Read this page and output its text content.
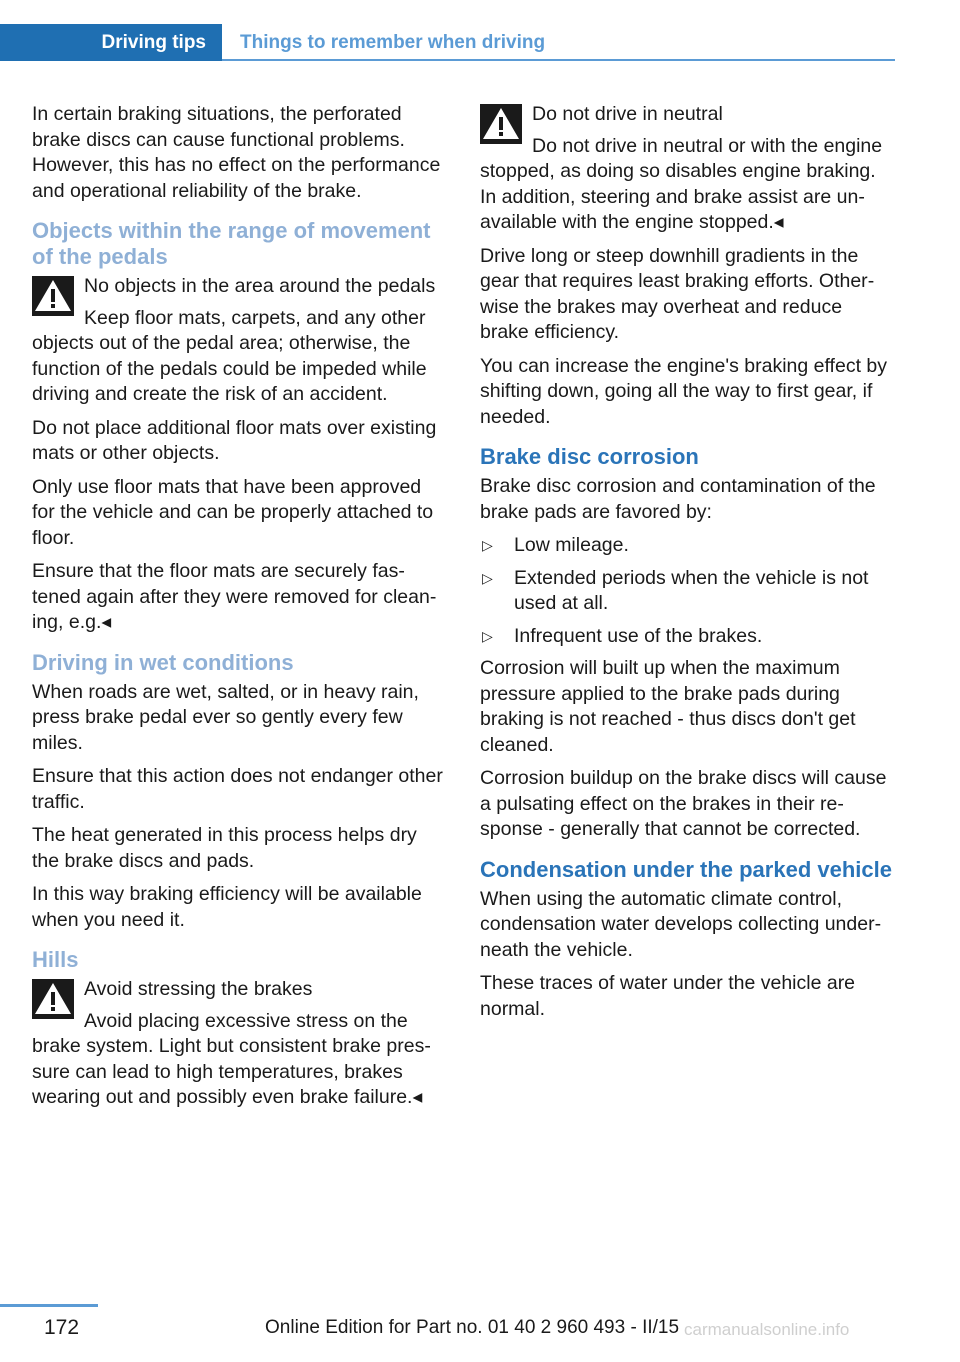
Driving tips	Things to remember when driving

In certain braking situations, the perforated brake discs can cause functional problems. However, this has no effect on the performance and operational reliability of the brake.

Objects within the range of movement of the pedals
No objects in the area around the pedals

Keep floor mats, carpets, and any other objects out of the pedal area; otherwise, the function of the pedals could be impeded while driving and create the risk of an accident.

Do not place additional floor mats over existing mats or other objects.

Only use floor mats that have been approved for the vehicle and can be properly attached to floor.

Ensure that the floor mats are securely fastened again after they were removed for cleaning, e.g.◂

Driving in wet conditions

When roads are wet, salted, or in heavy rain, press brake pedal ever so gently every few miles.

Ensure that this action does not endanger other traffic.

The heat generated in this process helps dry the brake discs and pads.

In this way braking efficiency will be available when you need it.

Hills
Avoid stressing the brakes

Avoid placing excessive stress on the brake system. Light but consistent brake pressure can lead to high temperatures, brakes wearing out and possibly even brake failure.◂

Do not drive in neutral

Do not drive in neutral or with the engine stopped, as doing so disables engine braking. In addition, steering and brake assist are unavailable with the engine stopped.◂

Drive long or steep downhill gradients in the gear that requires least braking efforts. Otherwise the brakes may overheat and reduce brake efficiency.

You can increase the engine's braking effect by shifting down, going all the way to first gear, if needed.

Brake disc corrosion

Brake disc corrosion and contamination of the brake pads are favored by:

▷ Low mileage.
▷ Extended periods when the vehicle is not used at all.
▷ Infrequent use of the brakes.

Corrosion will built up when the maximum pressure applied to the brake pads during braking is not reached - thus discs don't get cleaned.

Corrosion buildup on the brake discs will cause a pulsating effect on the brakes in their response - generally that cannot be corrected.

Condensation under the parked vehicle

When using the automatic climate control, condensation water develops collecting underneath the vehicle.

These traces of water under the vehicle are normal.

172	Online Edition for Part no. 01 40 2 960 493 - II/15 carmanualsonline.info
